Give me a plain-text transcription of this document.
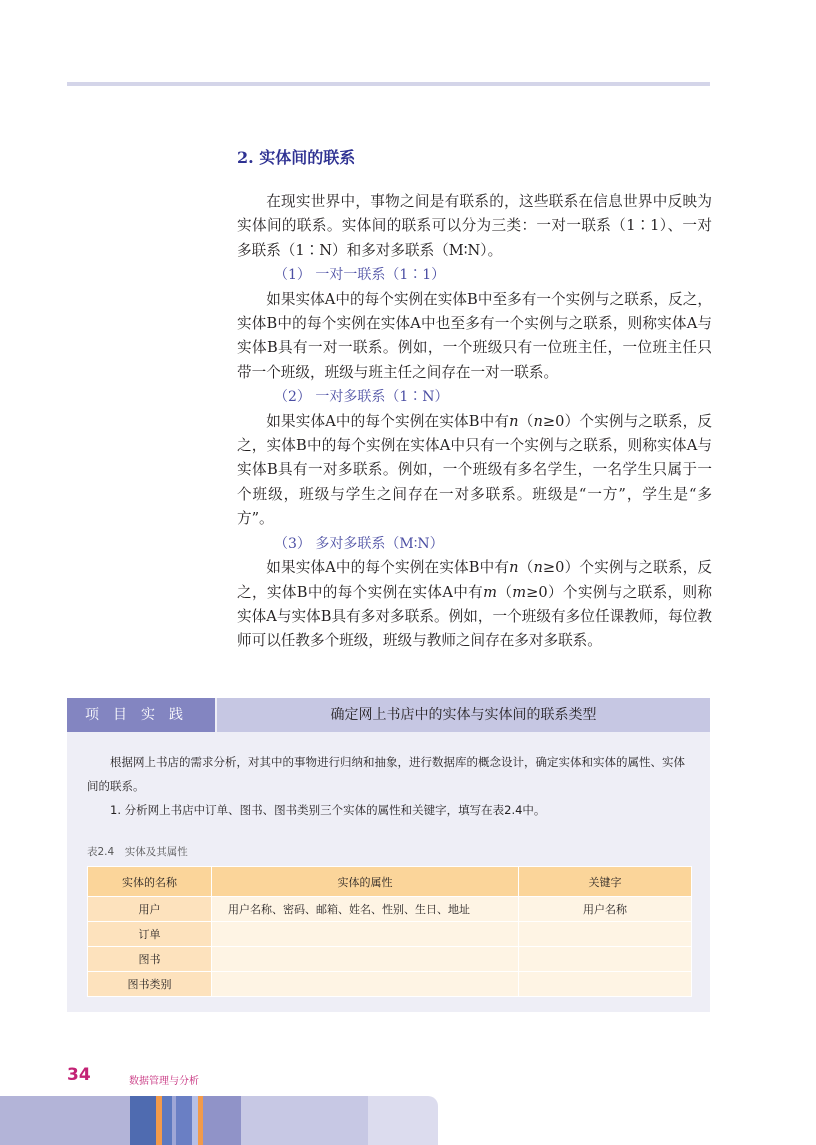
2. 实体间的联系

在现实世界中，事物之间是有联系的，这些联系在信息世界中反映为实体间的联系。实体间的联系可以分为三类：一对一联系（1∶1）、一对多联系（1∶N）和多对多联系（M∶N）。

（1） 一对一联系（1∶1）

如果实体A中的每个实例在实体B中至多有一个实例与之联系，反之，实体B中的每个实例在实体A中也至多有一个实例与之联系，则称实体A与实体B具有一对一联系。例如，一个班级只有一位班主任，一位班主任只带一个班级，班级与班主任之间存在一对一联系。

（2） 一对多联系（1∶N）

如果实体A中的每个实例在实体B中有n（n≥0）个实例与之联系，反之，实体B中的每个实例在实体A中只有一个实例与之联系，则称实体A与实体B具有一对多联系。例如，一个班级有多名学生，一名学生只属于一个班级，班级与学生之间存在一对多联系。班级是“一方”，学生是“多方”。

（3） 多对多联系（M∶N）

如果实体A中的每个实例在实体B中有n（n≥0）个实例与之联系，反之，实体B中的每个实例在实体A中有m（m≥0）个实例与之联系，则称实体A与实体B具有多对多联系。例如，一个班级有多位任课教师，每位教师可以任教多个班级，班级与教师之间存在多对多联系。

项目实践	确定网上书店中的实体与实体间的联系类型

根据网上书店的需求分析，对其中的事物进行归纳和抽象，进行数据库的概念设计，确定实体和实体的属性、实体间的联系。

1. 分析网上书店中订单、图书、图书类别三个实体的属性和关键字，填写在表2.4中。

表2.4　实体及其属性
实体的名称	实体的属性	关键字
用户	用户名称、密码、邮箱、姓名、性别、生日、地址	用户名称
订单		
图书		
图书类别		
34	数据管理与分析
